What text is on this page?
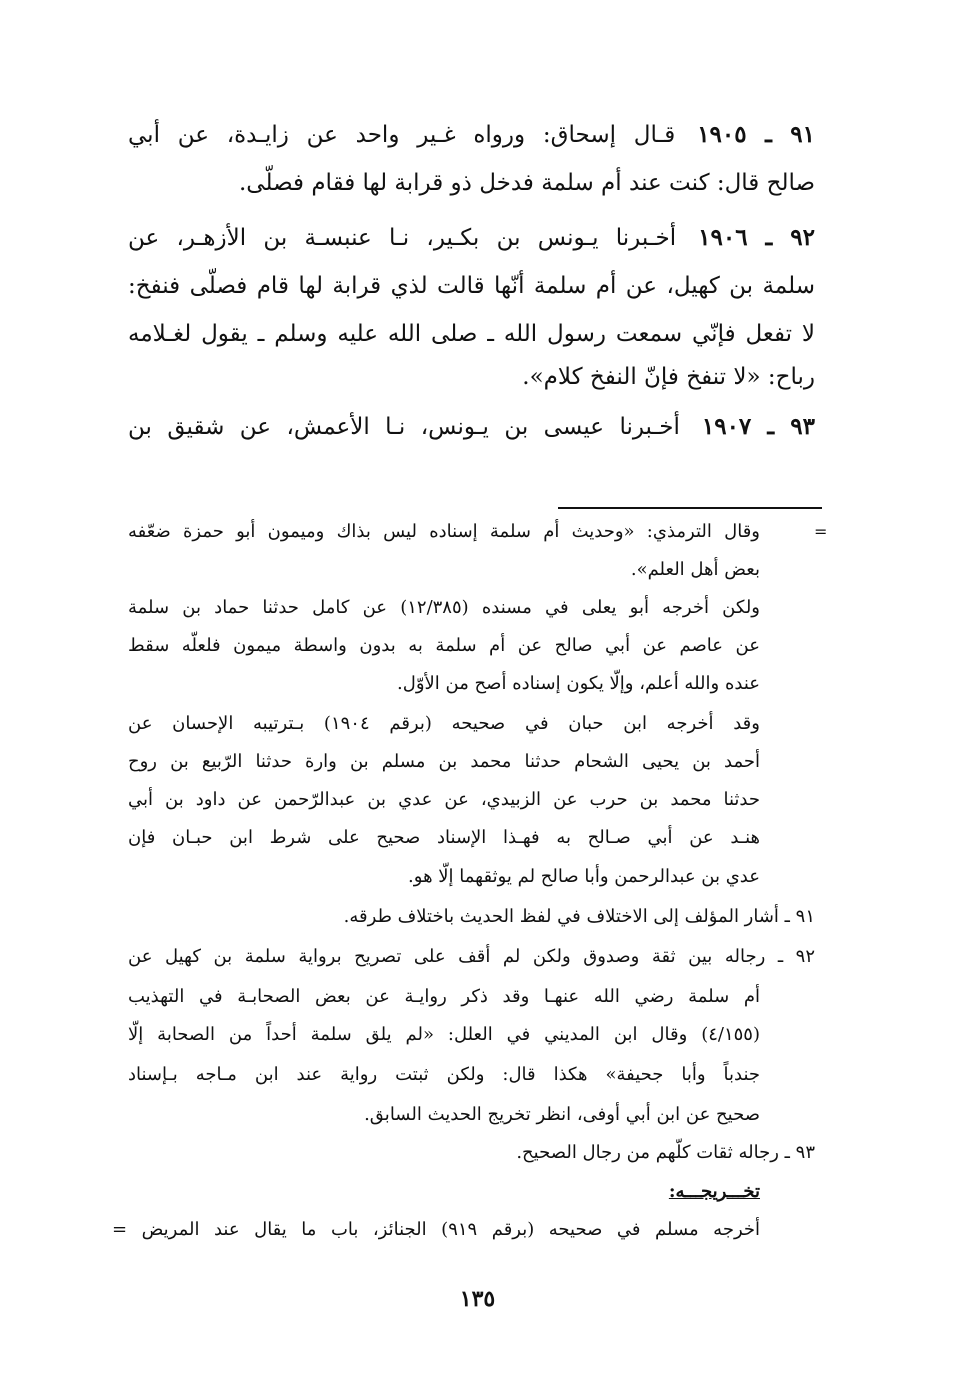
٩١ ـ ١٩٠٥قـال إسحاق: ورواه غـير واحد عن زايـدة، عن أبي
صالح قال: كنت عند أم سلمة فدخل ذو قرابة لها فقام فصلّى.
٩٢ ـ ١٩٠٦أخـبرنا يـونس بن بكـير، نـا عنبسـة بن الأزهـر، عن
سلمة بن كهيل، عن أم سلمة أنّها قالت لذي قرابة لها قام فصلّى فنفخ:
لا تفعل فإنّي سمعت رسول الله ـ صلى الله عليه وسلم ـ يقول لغـلامه
رباح: «لا تنفخ فإنّ النفخ كلام».
٩٣ ـ ١٩٠٧أخـبرنا عيسى بن يـونس، نـا الأعمش، عن شقيق بن
=
وقال الترمذي: «وحديث أم سلمة إسناده ليس بذاك وميمون أبو حمزة ضعّفه
بعض أهل العلم».
ولكن أخرجه أبو يعلى في مسنده (١٢/٣٨٥) عن كامل حدثنا حماد بن سلمة
عن عاصم عن أبي صالح عن أم سلمة به بدون واسطة ميمون فلعلّه سقط
عنده والله أعلم، وإلّا يكون إسناده أصح من الأوّل.
وقد أخرجه ابن حبان في صحيحه (برقم ١٩٠٤) بـترتيبه الإحسان عن
أحمد بن يحيى الشحام حدثنا محمد بن مسلم بن وارة حدثنا الرّبيع بن روح
حدثنا محمد بن حرب عن الزبيدي، عن عدي بن عبدالرّحمن عن داود بن أبي
هنـد عن أبي صـالح به فهـذا الإسناد صحيح على شرط ابن حبـان فإن
عدي بن عبدالرحمن وأبا صالح لم يوثقهما إلّا هو.
٩١ ـ أشار المؤلف إلى الاختلاف في لفظ الحديث باختلاف طرقه.
٩٢ ـ رجاله بين ثقة وصدوق ولكن لم أقف على تصريح برواية سلمة بن كهيل عن
أم سلمة رضي الله عنهـا وقد ذكر روايـة عن بعض الصحابـة في التهذيب
(٤/١٥٥) وقال ابن المديني في العلل: «لم يلق سلمة أحداً من الصحابة إلّا
جندباً وأبا جحيفة» هكذا قال: ولكن ثبتت رواية عند ابن مـاجه بـإسناد
صحيح عن ابن أبي أوفى، انظر تخريج الحديث السابق.
٩٣ ـ رجاله ثقات كلّهم من رجال الصحيح.
تخـــريجـــه:
أخرجه مسلم في صحيحه (برقم ٩١٩) الجنائز، باب ما يقال عند المريض =
١٣٥
